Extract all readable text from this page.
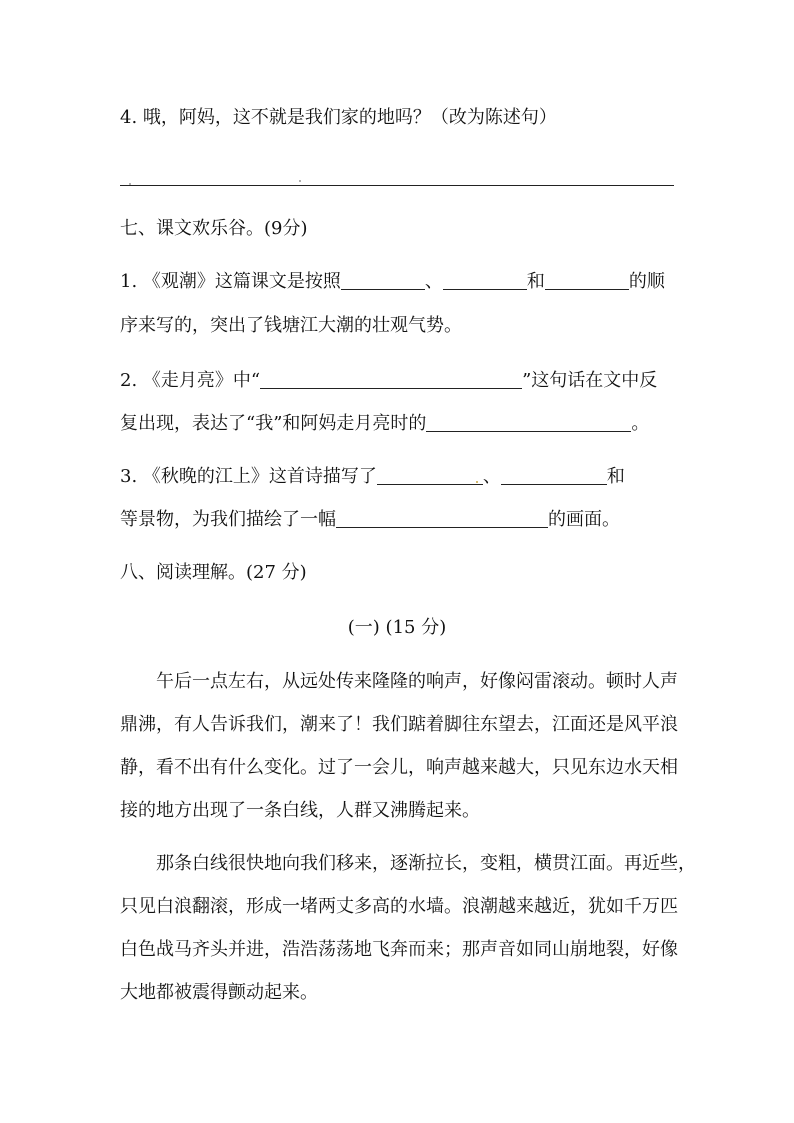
4. 哦，阿妈，这不就是我们家的地吗？（改为陈述句）
七、课文欢乐谷。(9分)
1. 《观潮》这篇课文是按照	、	和	的顺
序来写的，突出了钱塘江大潮的壮观气势。
2. 《走月亮》中“	”这句话在文中反
复出现，表达了“我”和阿妈走月亮时的	。
3. 《秋晚的江上》这首诗描写了	、	和
等景物，为我们描绘了一幅	的画面。
八、阅读理解。(27 分)
(一) (15 分)
午后一点左右，从远处传来隆隆的响声，好像闷雷滚动。顿时人声
鼎沸，有人告诉我们，潮来了！我们踮着脚往东望去，江面还是风平浪
静，看不出有什么变化。过了一会儿，响声越来越大，只见东边水天相
接的地方出现了一条白线，人群又沸腾起来。
那条白线很快地向我们移来，逐渐拉长，变粗，横贯江面。再近些，
只见白浪翻滚，形成一堵两丈多高的水墙。浪潮越来越近，犹如千万匹
白色战马齐头并进，浩浩荡荡地飞奔而来；那声音如同山崩地裂，好像
大地都被震得颤动起来。
